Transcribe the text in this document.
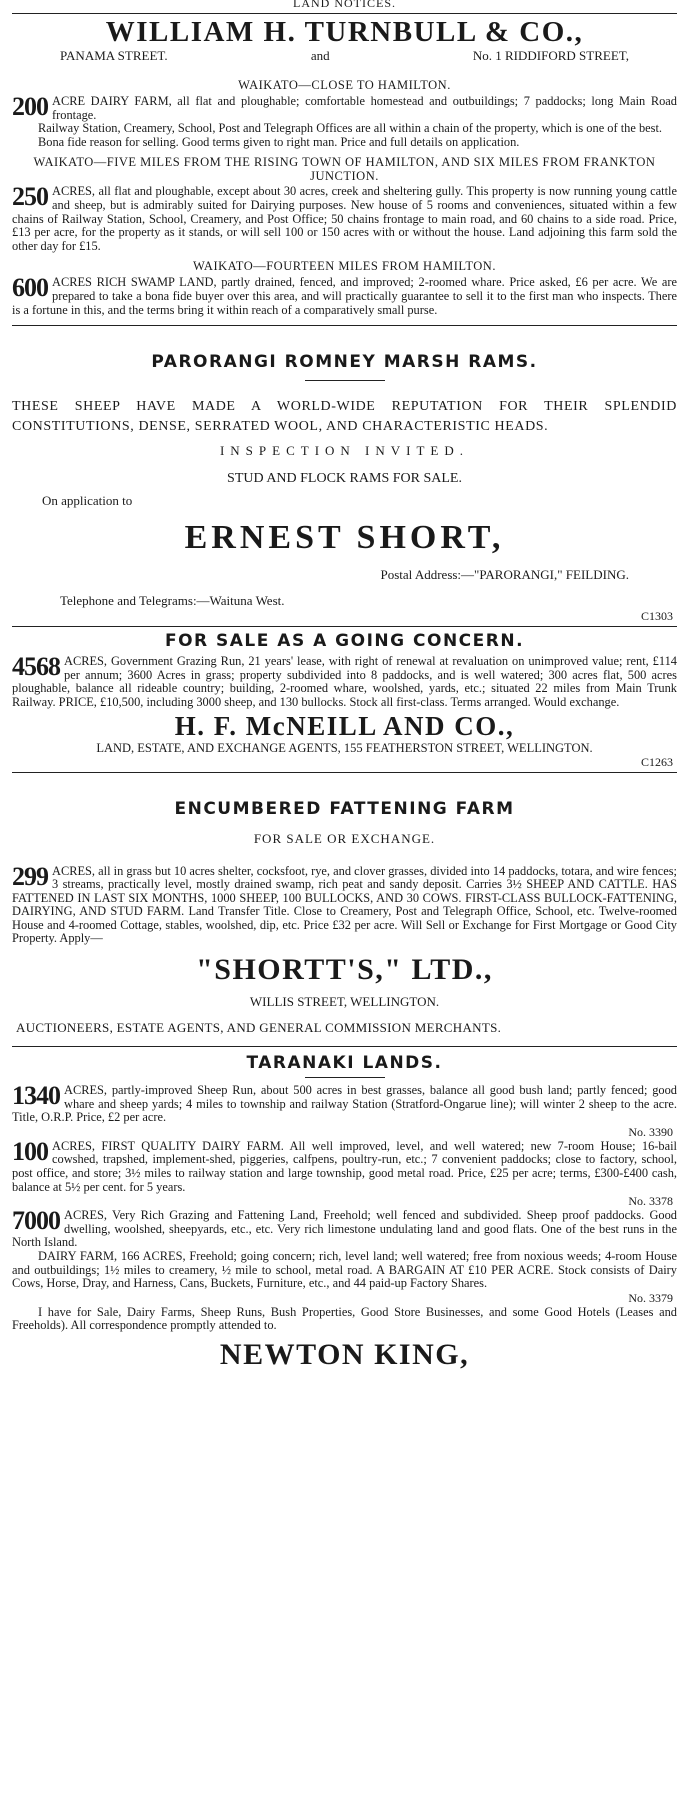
LAND NOTICES.
WILLIAM H. TURNBULL & CO.,
PANAMA STREET.	and	No. 1 RIDDIFORD STREET,
WAIKATO—CLOSE TO HAMILTON.

200 ACRE DAIRY FARM, all flat and ploughable; comfortable homestead and outbuildings; 7 paddocks; long Main Road frontage.

Railway Station, Creamery, School, Post and Telegraph Offices are all within a chain of the property, which is one of the best.

Bona fide reason for selling. Good terms given to right man. Price and full details on application.

WAIKATO—FIVE MILES FROM THE RISING TOWN OF HAMILTON, AND SIX MILES FROM FRANKTON JUNCTION.

250 ACRES, all flat and ploughable, except about 30 acres, creek and sheltering gully. This property is now running young cattle and sheep, but is admirably suited for Dairying purposes. New house of 5 rooms and conveniences, situated within a few chains of Railway Station, School, Creamery, and Post Office; 50 chains frontage to main road, and 60 chains to a side road. Price, £13 per acre, for the property as it stands, or will sell 100 or 150 acres with or without the house. Land adjoining this farm sold the other day for £15.

WAIKATO—FOURTEEN MILES FROM HAMILTON.

600 ACRES RICH SWAMP LAND, partly drained, fenced, and improved; 2-roomed whare. Price asked, £6 per acre. We are prepared to take a bona fide buyer over this area, and will practically guarantee to sell it to the first man who inspects. There is a fortune in this, and the terms bring it within reach of a comparatively small purse.

PARORANGI ROMNEY MARSH RAMS.

THESE SHEEP HAVE MADE A WORLD-WIDE REPUTATION FOR THEIR SPLENDID CONSTITUTIONS, DENSE, SERRATED WOOL, AND CHARACTERISTIC HEADS.

INSPECTION INVITED.
STUD AND FLOCK RAMS FOR SALE.
On application to
ERNEST SHORT,
Postal Address:—"PARORANGI," FEILDING.
Telephone and Telegrams:—Waituna West.
C1303
FOR SALE AS A GOING CONCERN.

4568 ACRES, Government Grazing Run, 21 years' lease, with right of renewal at revaluation on unimproved value; rent, £114 per annum; 3600 Acres in grass; property subdivided into 8 paddocks, and is well watered; 300 acres flat, 500 acres ploughable, balance all rideable country; building, 2-roomed whare, woolshed, yards, etc.; situated 22 miles from Main Trunk Railway. PRICE, £10,500, including 3000 sheep, and 130 bullocks. Stock all first-class. Terms arranged. Would exchange.

H. F. McNEILL AND CO.,
LAND, ESTATE, AND EXCHANGE AGENTS, 155 FEATHERSTON STREET, WELLINGTON.
C1263
ENCUMBERED FATTENING FARM
FOR SALE OR EXCHANGE.

299 ACRES, all in grass but 10 acres shelter, cocksfoot, rye, and clover grasses, divided into 14 paddocks, totara, and wire fences; 3 streams, practically level, mostly drained swamp, rich peat and sandy deposit. Carries 3½ SHEEP AND CATTLE. HAS FATTENED IN LAST SIX MONTHS, 1000 SHEEP, 100 BULLOCKS, AND 30 COWS. FIRST-CLASS BULLOCK-FATTENING, DAIRYING, AND STUD FARM. Land Transfer Title. Close to Creamery, Post and Telegraph Office, School, etc. Twelve-roomed House and 4-roomed Cottage, stables, woolshed, dip, etc. Price £32 per acre. Will Sell or Exchange for First Mortgage or Good City Property. Apply—

"SHORTT'S," LTD.,
WILLIS STREET, WELLINGTON.
AUCTIONEERS, ESTATE AGENTS, AND GENERAL COMMISSION MERCHANTS.
TARANAKI LANDS.

1340 ACRES, partly-improved Sheep Run, about 500 acres in best grasses, balance all good bush land; partly fenced; good whare and sheep yards; 4 miles to township and railway Station (Stratford-Ongarue line); will winter 2 sheep to the acre. Title, O.R.P. Price, £2 per acre.

No. 3390

100 ACRES, FIRST QUALITY DAIRY FARM. All well improved, level, and well watered; new 7-room House; 16-bail cowshed, trapshed, implement-shed, piggeries, calfpens, poultry-run, etc.; 7 convenient paddocks; close to factory, school, post office, and store; 3½ miles to railway station and large township, good metal road. Price, £25 per acre; terms, £300-£400 cash, balance at 5½ per cent. for 5 years.

No. 3378

7000 ACRES, Very Rich Grazing and Fattening Land, Freehold; well fenced and subdivided. Sheep proof paddocks. Good dwelling, woolshed, sheepyards, etc., etc. Very rich limestone undulating land and good flats. One of the best runs in the North Island.

DAIRY FARM, 166 ACRES, Freehold; going concern; rich, level land; well watered; free from noxious weeds; 4-room House and outbuildings; 1½ miles to creamery, ½ mile to school, metal road. A BARGAIN AT £10 PER ACRE. Stock consists of Dairy Cows, Horse, Dray, and Harness, Cans, Buckets, Furniture, etc., and 44 paid-up Factory Shares.

No. 3379

I have for Sale, Dairy Farms, Sheep Runs, Bush Properties, Good Store Businesses, and some Good Hotels (Leases and Freeholds). All correspondence promptly attended to.

NEWTON KING,
